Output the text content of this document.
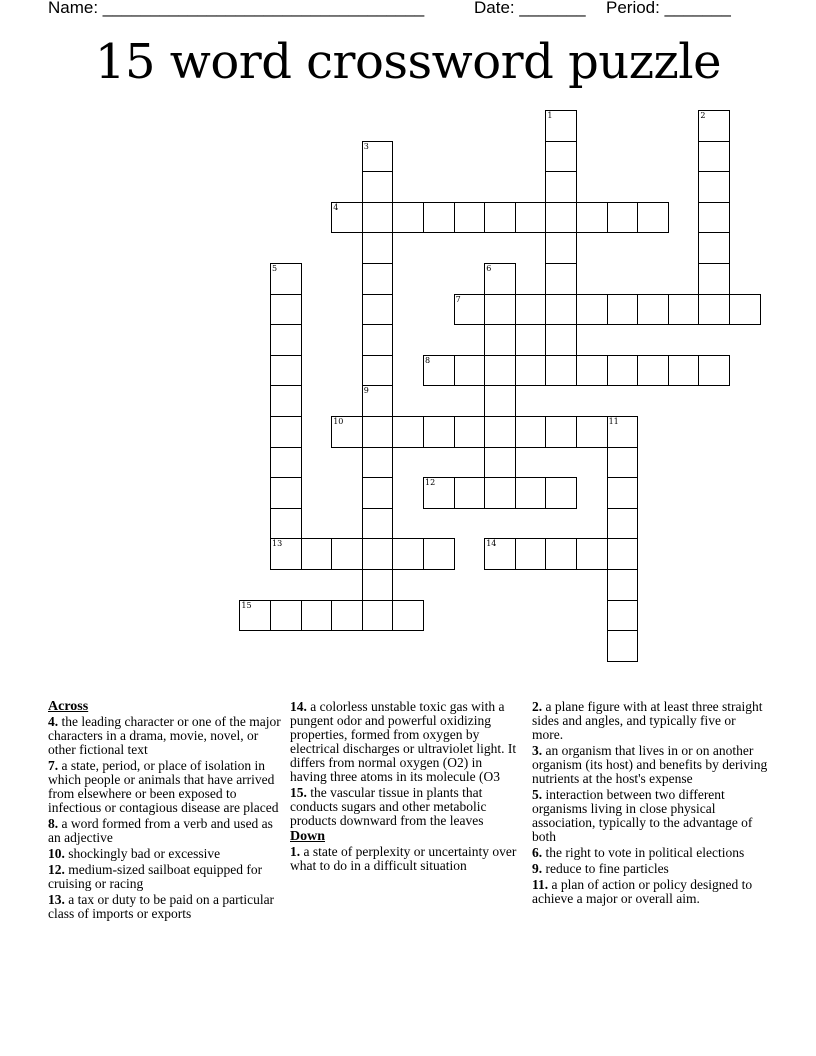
Name: __________________________________	Date: _______ Period: _______
15 word crossword puzzle
1	2
3
4
5	6
7
8
9
10	11
12
13	14
15
Across
4. the leading character or one of the major characters in a drama, movie, novel, or other fictional text
7. a state, period, or place of isolation in which people or animals that have arrived from elsewhere or been exposed to infectious or contagious disease are placed
8. a word formed from a verb and used as an adjective
10. shockingly bad or excessive
12. medium-sized sailboat equipped for cruising or racing
13. a tax or duty to be paid on a particular class of imports or exports
14. a colorless unstable toxic gas with a pungent odor and powerful oxidizing properties, formed from oxygen by electrical discharges or ultraviolet light. It differs from normal oxygen (O2) in having three atoms in its molecule (O3
15. the vascular tissue in plants that conducts sugars and other metabolic products downward from the leaves
Down
1. a state of perplexity or uncertainty over what to do in a difficult situation
2. a plane figure with at least three straight sides and angles, and typically five or more.
3. an organism that lives in or on another organism (its host) and benefits by deriving nutrients at the host's expense
5. interaction between two different organisms living in close physical association, typically to the advantage of both
6. the right to vote in political elections
9. reduce to fine particles
11. a plan of action or policy designed to achieve a major or overall aim.
